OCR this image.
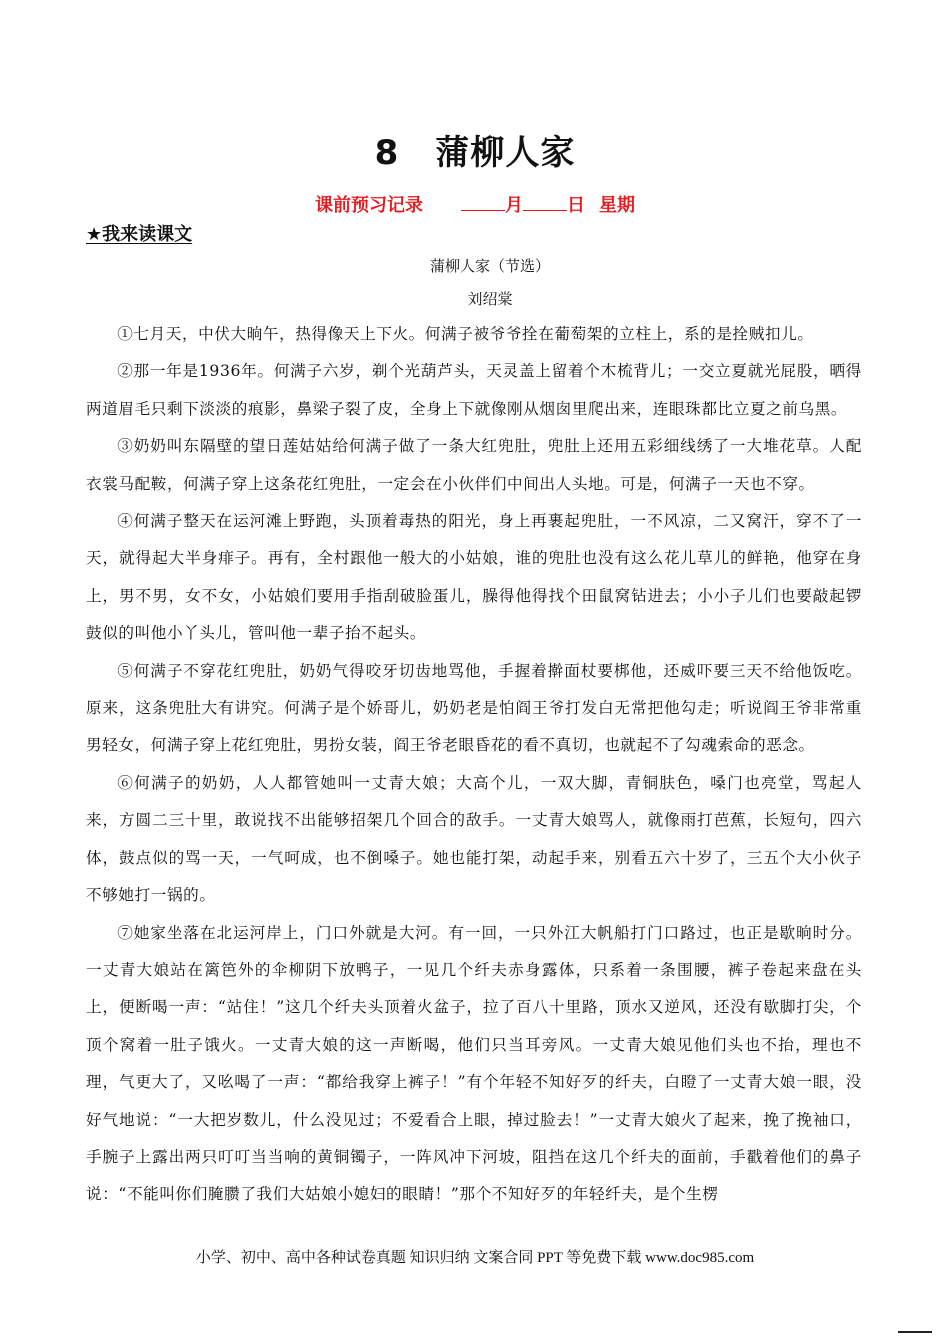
8 蒲柳人家
课前预习记录	月 日 星期
★我来读课文
蒲柳人家（节选）
刘绍棠

①七月天，中伏大晌午，热得像天上下火。何满子被爷爷拴在葡萄架的立柱上，系的是拴贼扣儿。

②那一年是1936年。何满子六岁，剃个光葫芦头，天灵盖上留着个木梳背儿；一交立夏就光屁股，晒得两道眉毛只剩下淡淡的痕影，鼻梁子裂了皮，全身上下就像刚从烟囱里爬出来，连眼珠都比立夏之前乌黑。

③奶奶叫东隔壁的望日莲姑姑给何满子做了一条大红兜肚，兜肚上还用五彩细线绣了一大堆花草。人配衣裳马配鞍，何满子穿上这条花红兜肚，一定会在小伙伴们中间出人头地。可是，何满子一天也不穿。

④何满子整天在运河滩上野跑，头顶着毒热的阳光，身上再裹起兜肚，一不风凉，二又窝汗，穿不了一天，就得起大半身痱子。再有，全村跟他一般大的小姑娘，谁的兜肚也没有这么花儿草儿的鲜艳，他穿在身上，男不男，女不女，小姑娘们要用手指刮破脸蛋儿，臊得他得找个田鼠窝钻进去；小小子儿们也要敲起锣鼓似的叫他小丫头儿，管叫他一辈子抬不起头。

⑤何满子不穿花红兜肚，奶奶气得咬牙切齿地骂他，手握着擀面杖要梆他，还威吓要三天不给他饭吃。原来，这条兜肚大有讲究。何满子是个娇哥儿，奶奶老是怕阎王爷打发白无常把他勾走；听说阎王爷非常重男轻女，何满子穿上花红兜肚，男扮女装，阎王爷老眼昏花的看不真切，也就起不了勾魂索命的恶念。

⑥何满子的奶奶，人人都管她叫一丈青大娘；大高个儿，一双大脚，青铜肤色，嗓门也亮堂，骂起人来，方圆二三十里，敢说找不出能够招架几个回合的敌手。一丈青大娘骂人，就像雨打芭蕉，长短句，四六体，鼓点似的骂一天，一气呵成，也不倒嗓子。她也能打架，动起手来，别看五六十岁了，三五个大小伙子不够她打一锅的。

⑦她家坐落在北运河岸上，门口外就是大河。有一回，一只外江大帆船打门口路过，也正是歇晌时分。一丈青大娘站在篱笆外的伞柳阴下放鸭子，一见几个纤夫赤身露体，只系着一条围腰，裤子卷起来盘在头上，便断喝一声：“站住！”这几个纤夫头顶着火盆子，拉了百八十里路，顶水又逆风，还没有歇脚打尖，个顶个窝着一肚子饿火。一丈青大娘的这一声断喝，他们只当耳旁风。一丈青大娘见他们头也不抬，理也不理，气更大了，又吆喝了一声：“都给我穿上裤子！”有个年轻不知好歹的纤夫，白瞪了一丈青大娘一眼，没好气地说：“一大把岁数儿，什么没见过；不爱看合上眼，掉过脸去！”一丈青大娘火了起来，挽了挽袖口，手腕子上露出两只叮叮当当响的黄铜镯子，一阵风冲下河坡，阻挡在这几个纤夫的面前，手戳着他们的鼻子说：“不能叫你们腌臜了我们大姑娘小媳妇的眼睛！”那个不知好歹的年轻纤夫，是个生楞

小学、初中、高中各种试卷真题 知识归纳 文案合同 PPT 等免费下载 www.doc985.com
